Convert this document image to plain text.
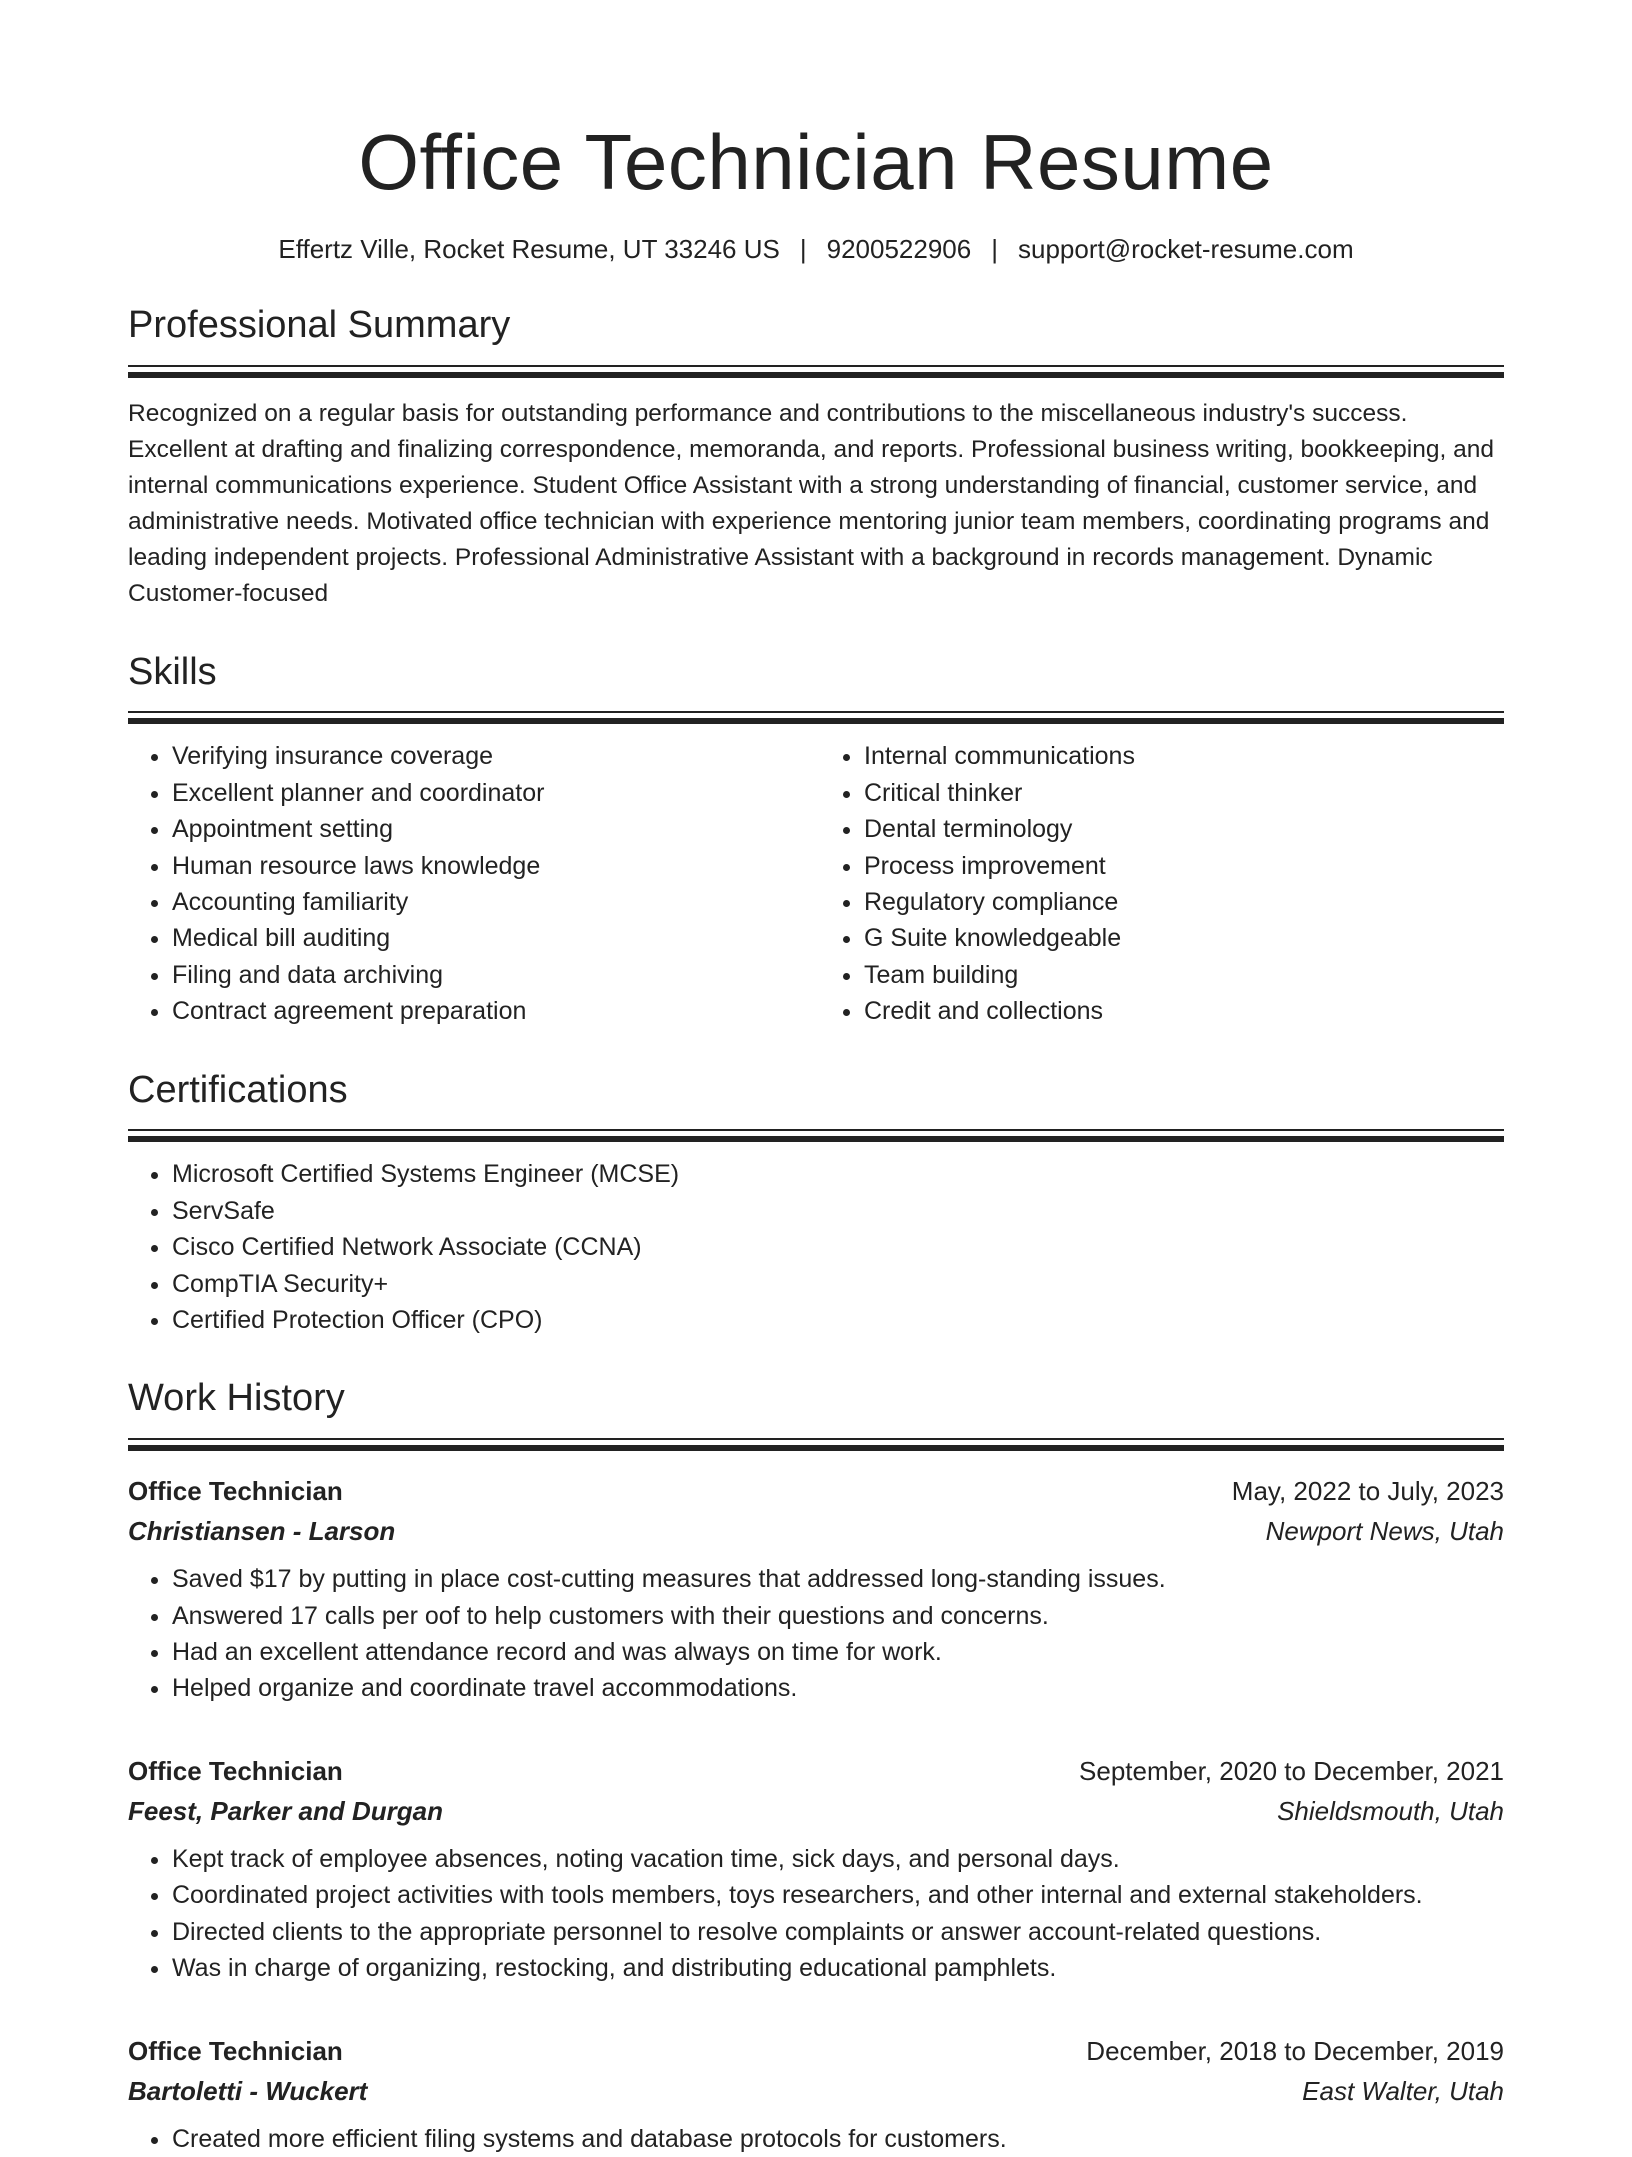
Office Technician Resume
Effertz Ville, Rocket Resume, UT 33246 US | 9200522906 | support@rocket-resume.com
Professional Summary

Recognized on a regular basis for outstanding performance and contributions to the miscellaneous industry's success. Excellent at drafting and finalizing correspondence, memoranda, and reports. Professional business writing, bookkeeping, and internal communications experience. Student Office Assistant with a strong understanding of financial, customer service, and administrative needs. Motivated office technician with experience mentoring junior team members, coordinating programs and leading independent projects. Professional Administrative Assistant with a background in records management. Dynamic Customer-focused

Skills
• Verifying insurance coverage
• Excellent planner and coordinator
• Appointment setting
• Human resource laws knowledge
• Accounting familiarity
• Medical bill auditing
• Filing and data archiving
• Contract agreement preparation
• Internal communications
• Critical thinker
• Dental terminology
• Process improvement
• Regulatory compliance
• G Suite knowledgeable
• Team building
• Credit and collections
Certifications
• Microsoft Certified Systems Engineer (MCSE)
• ServSafe
• Cisco Certified Network Associate (CCNA)
• CompTIA Security+
• Certified Protection Officer (CPO)
Work History
Office Technician	May, 2022 to July, 2023
Christiansen - Larson	Newport News, Utah
• Saved $17 by putting in place cost-cutting measures that addressed long-standing issues.
• Answered 17 calls per oof to help customers with their questions and concerns.
• Had an excellent attendance record and was always on time for work.
• Helped organize and coordinate travel accommodations.
Office Technician	September, 2020 to December, 2021
Feest, Parker and Durgan	Shieldsmouth, Utah
• Kept track of employee absences, noting vacation time, sick days, and personal days.
• Coordinated project activities with tools members, toys researchers, and other internal and external stakeholders.
• Directed clients to the appropriate personnel to resolve complaints or answer account-related questions.
• Was in charge of organizing, restocking, and distributing educational pamphlets.
Office Technician	December, 2018 to December, 2019
Bartoletti - Wuckert	East Walter, Utah
• Created more efficient filing systems and database protocols for customers.
